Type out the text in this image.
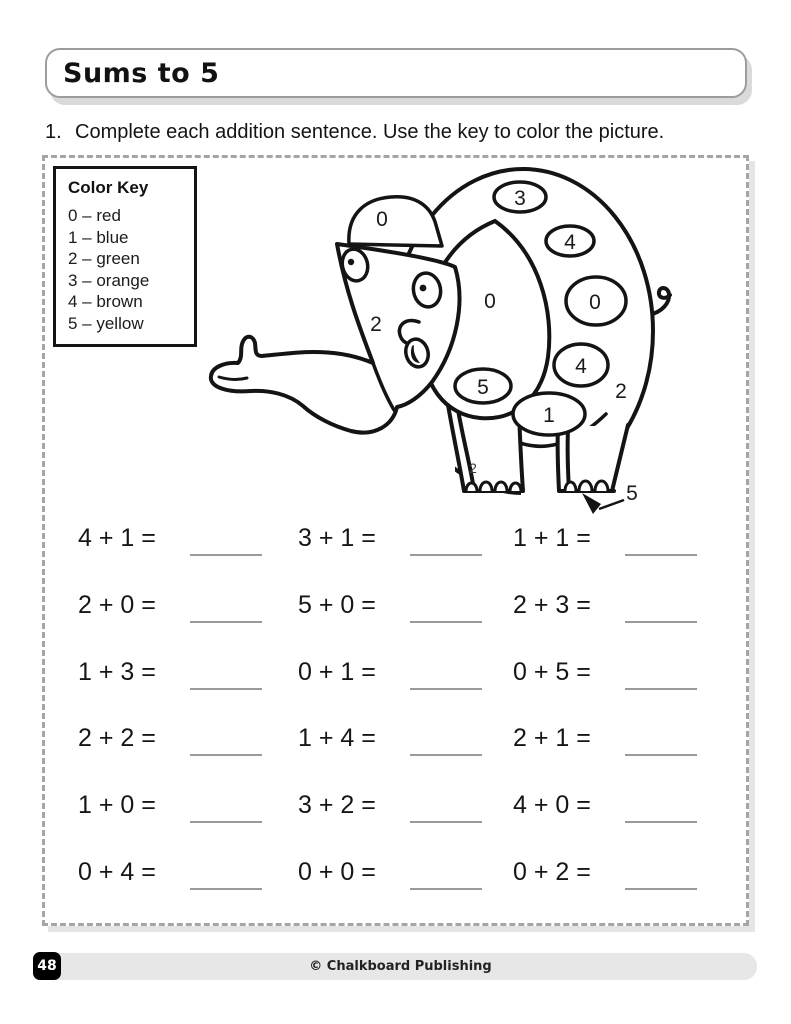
Sums to 5
1. Complete each addition sentence. Use the key to color the picture.
Color Key
0 – red
1 – blue
2 – green
3 – orange
4 – brown
5 – yellow
0
0
2
3
4
0
4
5
1
2
2
5
4 + 1 =	3 + 1 =	1 + 1 =
2 + 0 =	5 + 0 =	2 + 3 =
1 + 3 =	0 + 1 =	0 + 5 =
2 + 2 =	1 + 4 =	2 + 1 =
1 + 0 =	3 + 2 =	4 + 0 =
0 + 4 =	0 + 0 =	0 + 2 =
© Chalkboard Publishing
48
